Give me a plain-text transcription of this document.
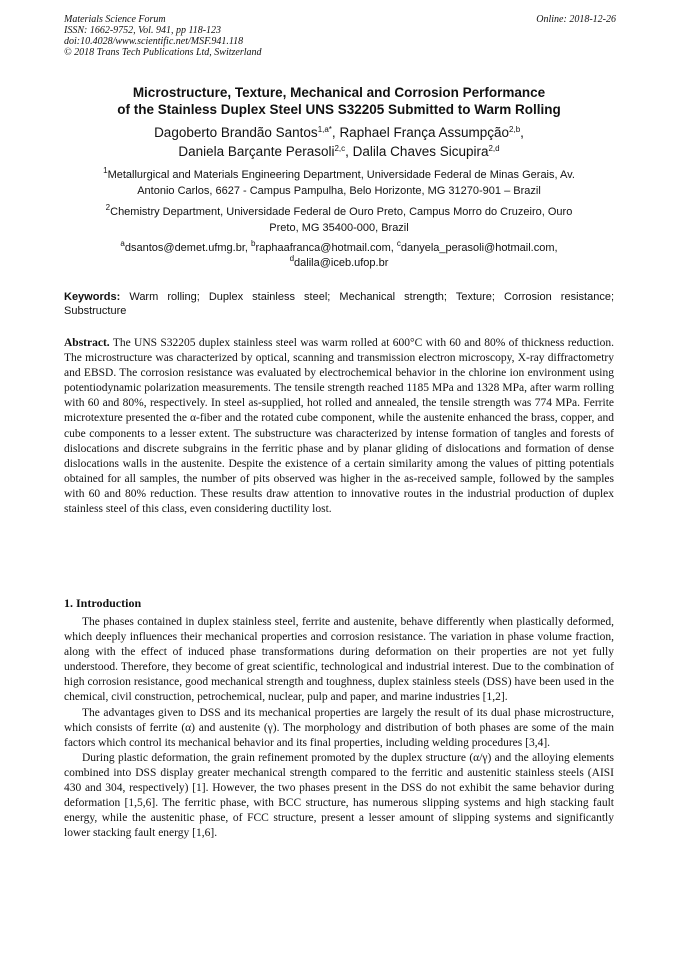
Materials Science Forum
ISSN: 1662-9752, Vol. 941, pp 118-123
doi:10.4028/www.scientific.net/MSF.941.118
© 2018 Trans Tech Publications Ltd, Switzerland
Online: 2018-12-26
Microstructure, Texture, Mechanical and Corrosion Performance
of the Stainless Duplex Steel UNS S32205 Submitted to Warm Rolling
Dagoberto Brandão Santos$^{1,a*}$, Raphael França Assumpção$^{2,b}$,
Daniela Barçante Perasoli$^{2,c}$, Dalila Chaves Sicupira$^{2,d}$
$^1$Metallurgical and Materials Engineering Department, Universidade Federal de Minas Gerais, Av.
Antonio Carlos, 6627 - Campus Pampulha, Belo Horizonte, MG 31270-901 – Brazil
$^2$Chemistry Department, Universidade Federal de Ouro Preto, Campus Morro do Cruzeiro, Ouro
Preto, MG 35400-000, Brazil
$^a$dsantos@demet.ufmg.br, $^b$raphaafranca@hotmail.com, $^c$danyela_perasoli@hotmail.com,
$^d$dalila@iceb.ufop.br
Keywords: Warm rolling; Duplex stainless steel; Mechanical strength; Texture; Corrosion resistance; Substructure
Abstract. The UNS S32205 duplex stainless steel was warm rolled at 600°C with 60 and 80% of thickness reduction. The microstructure was characterized by optical, scanning and transmission electron microscopy, X-ray diffractometry and EBSD. The corrosion resistance was evaluated by electrochemical behavior in the chlorine ion environment using potentiodynamic polarization measurements. The tensile strength reached 1185 MPa and 1328 MPa, after warm rolling with 60 and 80%, respectively. In steel as-supplied, hot rolled and annealed, the tensile strength was 774 MPa. Ferrite microtexture presented the α-fiber and the rotated cube component, while the austenite enhanced the brass, copper, and cube components to a lesser extent. The substructure was characterized by intense formation of tangles and forests of dislocations and discrete subgrains in the ferritic phase and by planar gliding of dislocations and formation of dense dislocations walls in the austenite. Despite the existence of a certain similarity among the values of pitting potentials obtained for all samples, the number of pits observed was higher in the as-received sample, followed by the samples with 60 and 80% reduction. These results draw attention to innovative routes in the industrial production of duplex stainless steel of this class, even considering ductility lost.
1. Introduction

The phases contained in duplex stainless steel, ferrite and austenite, behave differently when plastically deformed, which deeply influences their mechanical properties and corrosion resistance. The variation in phase volume fraction, along with the effect of induced phase transformations during deformation on their properties are not yet fully understood. Therefore, they become of great scientific, technological and industrial interest. Due to the combination of high corrosion resistance, good mechanical strength and toughness, duplex stainless steels (DSS) have been used in the chemical, civil construction, petrochemical, nuclear, pulp and paper, and marine industries [1,2].

The advantages given to DSS and its mechanical properties are largely the result of its dual phase microstructure, which consists of ferrite (α) and austenite (γ). The morphology and distribution of both phases are some of the main factors which control its mechanical behavior and its final properties, including welding procedures [3,4].

During plastic deformation, the grain refinement promoted by the duplex structure (α/γ) and the alloying elements combined into DSS display greater mechanical strength compared to the ferritic and austenitic stainless steels (AISI 430 and 304, respectively) [1]. However, the two phases present in the DSS do not exhibit the same behavior during deformation [1,5,6]. The ferritic phase, with BCC structure, has numerous slipping systems and high stacking fault energy, while the austenitic phase, of FCC structure, present a lesser amount of slipping systems and significantly lower stacking fault energy [1,6].
